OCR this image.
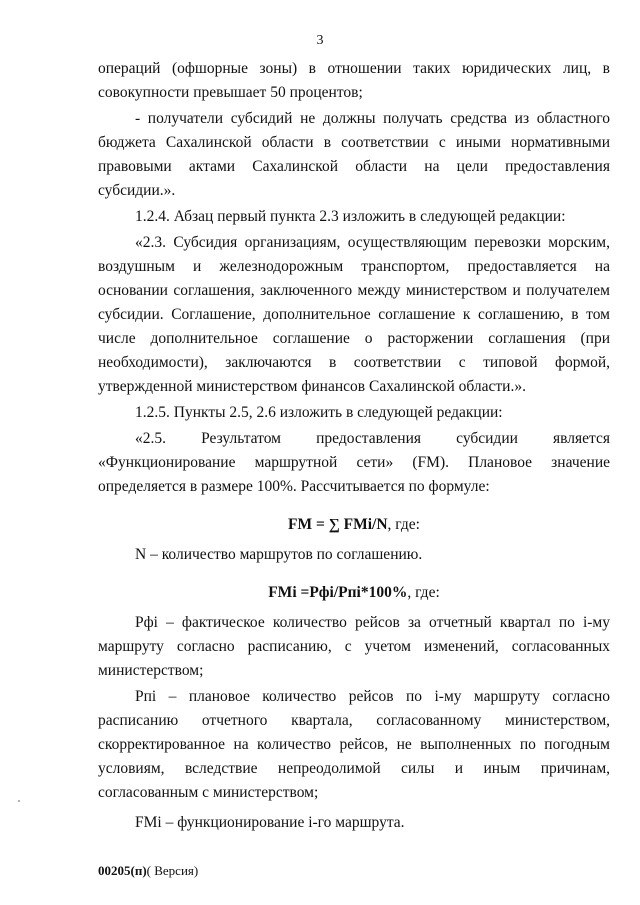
3

операций (офшорные зоны) в отношении таких юридических лиц, в совокупности превышает 50 процентов;

- получатели субсидий не должны получать средства из областного бюджета Сахалинской области в соответствии с иными нормативными правовыми актами Сахалинской области на цели предоставления субсидии.».

1.2.4. Абзац первый пункта 2.3 изложить в следующей редакции:

«2.3. Субсидия организациям, осуществляющим перевозки морским, воздушным и железнодорожным транспортом, предоставляется на основании соглашения, заключенного между министерством и получателем субсидии. Соглашение, дополнительное соглашение к соглашению, в том числе дополнительное соглашение о расторжении соглашения (при необходимости), заключаются в соответствии с типовой формой, утвержденной министерством финансов Сахалинской области.».

1.2.5. Пункты 2.5, 2.6 изложить в следующей редакции:

«2.5. Результатом предоставления субсидии является «Функционирование маршрутной сети» (FM). Плановое значение определяется в размере 100%. Рассчитывается по формуле:

FM = ∑ FMi/N, где:

N – количество маршрутов по соглашению.

FMi =Рфi/Рпi*100%, где:

Рфi – фактическое количество рейсов за отчетный квартал по i-му маршруту согласно расписанию, с учетом изменений, согласованных министерством;

Рпi – плановое количество рейсов по i-му маршруту согласно расписанию отчетного квартала, согласованному министерством, скорректированное на количество рейсов, не выполненных по погодным условиям, вследствие непреодолимой силы и иным причинам, согласованным с министерством;

FMi – функционирование i-го маршрута.

00205(п)( Версия)
